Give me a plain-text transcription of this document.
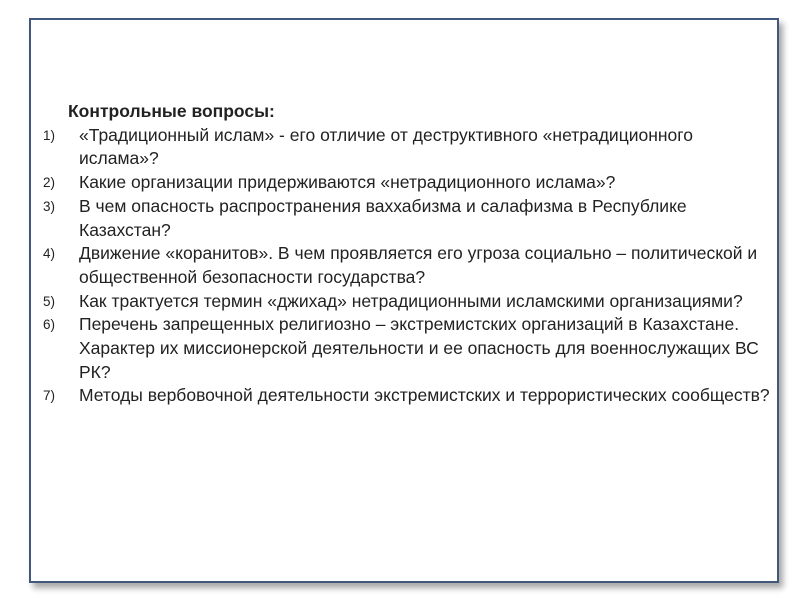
Контрольные вопросы:
1)	«Традиционный ислам» - его отличие от деструктивного «нетрадиционного ислама»?
2)	Какие организации придерживаются «нетрадиционного ислама»?
3)	В чем опасность распространения ваххабизма и салафизма в Республике Казахстан?
4)	Движение «коранитов». В чем проявляется его угроза социально – политической и общественной безопасности государства?
5)	Как трактуется термин «джихад» нетрадиционными исламскими организациями?
6)	Перечень запрещенных религиозно – экстремистских организаций в Казахстане. Характер их миссионерской деятельности и ее опасность для военнослужащих ВС РК?
7)	Методы вербовочной деятельности экстремистских и террористических сообществ?
